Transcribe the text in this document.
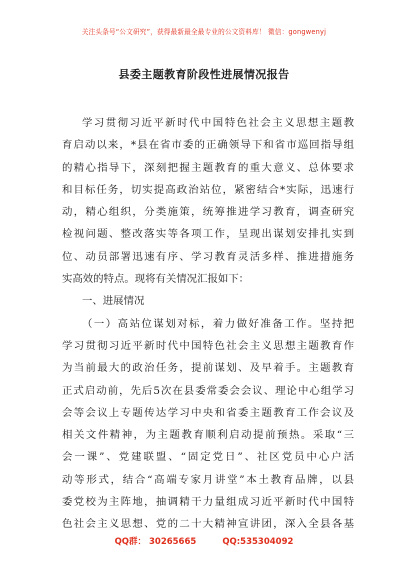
关注头条号“公文研究”，获得最新最全最专业的公文资料库！ 微信：gongwenyj
县委主题教育阶段性进展情况报告
学习贯彻习近平新时代中国特色社会主义思想主题教
育启动以来，*县在省市委的正确领导下和省市巡回指导组
的精心指导下，深刻把握主题教育的重大意义、总体要求
和目标任务，切实提高政治站位，紧密结合*实际，迅速行
动，精心组织，分类施策，统筹推进学习教育，调查研究
检视问题、整改落实等各项工作，呈现出谋划安排扎实到
位、动员部署迅速有序、学习教育灵活多样、推进措施务
实高效的特点。现将有关情况汇报如下：
一、进展情况
（一）高站位谋划对标，着力做好准备工作。坚持把
学习贯彻习近平新时代中国特色社会主义思想主题教育作
为当前最大的政治任务，提前谋划、及早着手。主题教育
正式启动前，先后5次在县委常委会会议、理论中心组学习
会等会议上专题传达学习中央和省委主题教育工作会议及
相关文件精神，为主题教育顺利启动提前预热。采取“三
会一课”、党建联盟、“固定党日”、社区党员中心户活
动等形式，结合“高端专家月讲堂”本土教育品牌，以县
委党校为主阵地，抽调精干力量组成习近平新时代中国特
色社会主义思想、党的二十大精神宣讲团，深入全县各基
QQ群： 30265665	QQ:535304092
